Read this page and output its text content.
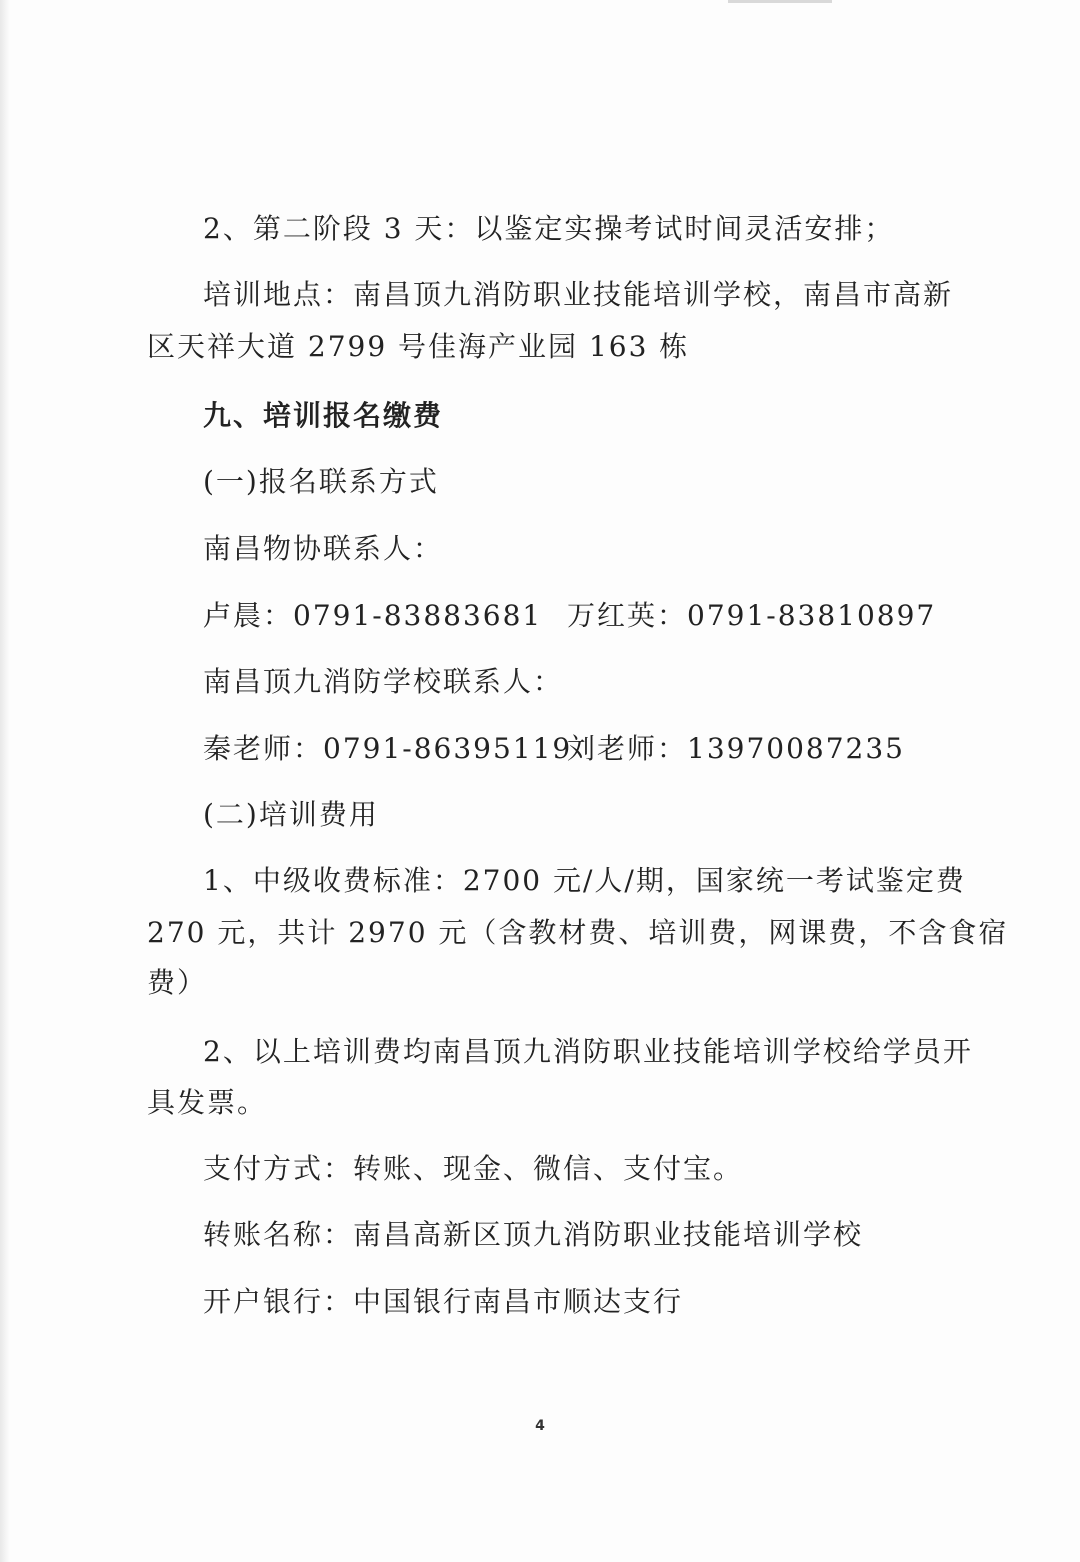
2、第二阶段 3 天：以鉴定实操考试时间灵活安排；
培训地点：南昌顶九消防职业技能培训学校，南昌市高新
区天祥大道 2799 号佳海产业园 163 栋
九、培训报名缴费
(一)报名联系方式
南昌物协联系人：
卢晨：0791-83883681 万红英：0791-83810897
南昌顶九消防学校联系人：
秦老师：0791-86395119
刘老师：13970087235
(二)培训费用
1、中级收费标准：2700 元/人/期，国家统一考试鉴定费
270 元，共计 2970 元（含教材费、培训费，网课费，不含食宿
费）
2、以上培训费均南昌顶九消防职业技能培训学校给学员开
具发票。
支付方式：转账、现金、微信、支付宝。
转账名称：南昌高新区顶九消防职业技能培训学校
开户银行：中国银行南昌市顺达支行
4
